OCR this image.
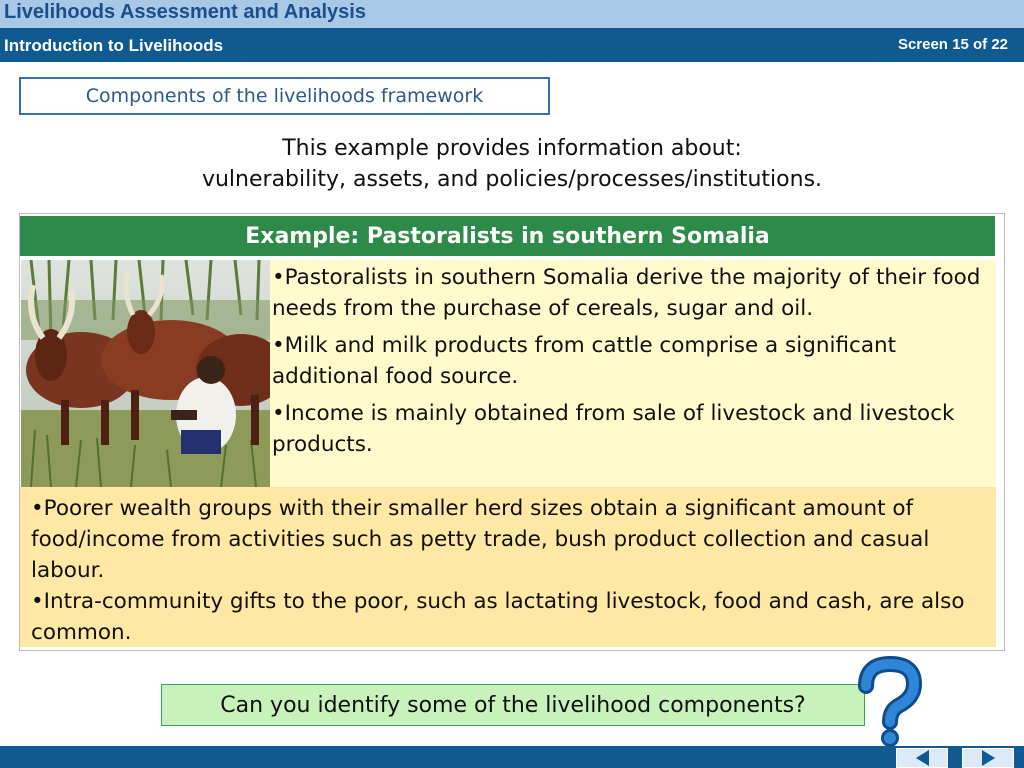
Livelihoods Assessment and Analysis
Introduction to Livelihoods	Screen 15 of 22
Components of the livelihoods framework
This example provides information about:
vulnerability, assets, and policies/processes/institutions.
Example: Pastoralists in southern Somalia

•Pastoralists in southern Somalia derive the majority of their food needs from the purchase of cereals, sugar and oil.

•Milk and milk products from cattle comprise a significant additional food source.

•Income is mainly obtained from sale of livestock and livestock products.

•Poorer wealth groups with their smaller herd sizes obtain a significant amount of food/income from activities such as petty trade, bush product collection and casual labour.
•Intra-community gifts to the poor, such as lactating livestock, food and cash, are also common.
Can you identify some of the livelihood components?
